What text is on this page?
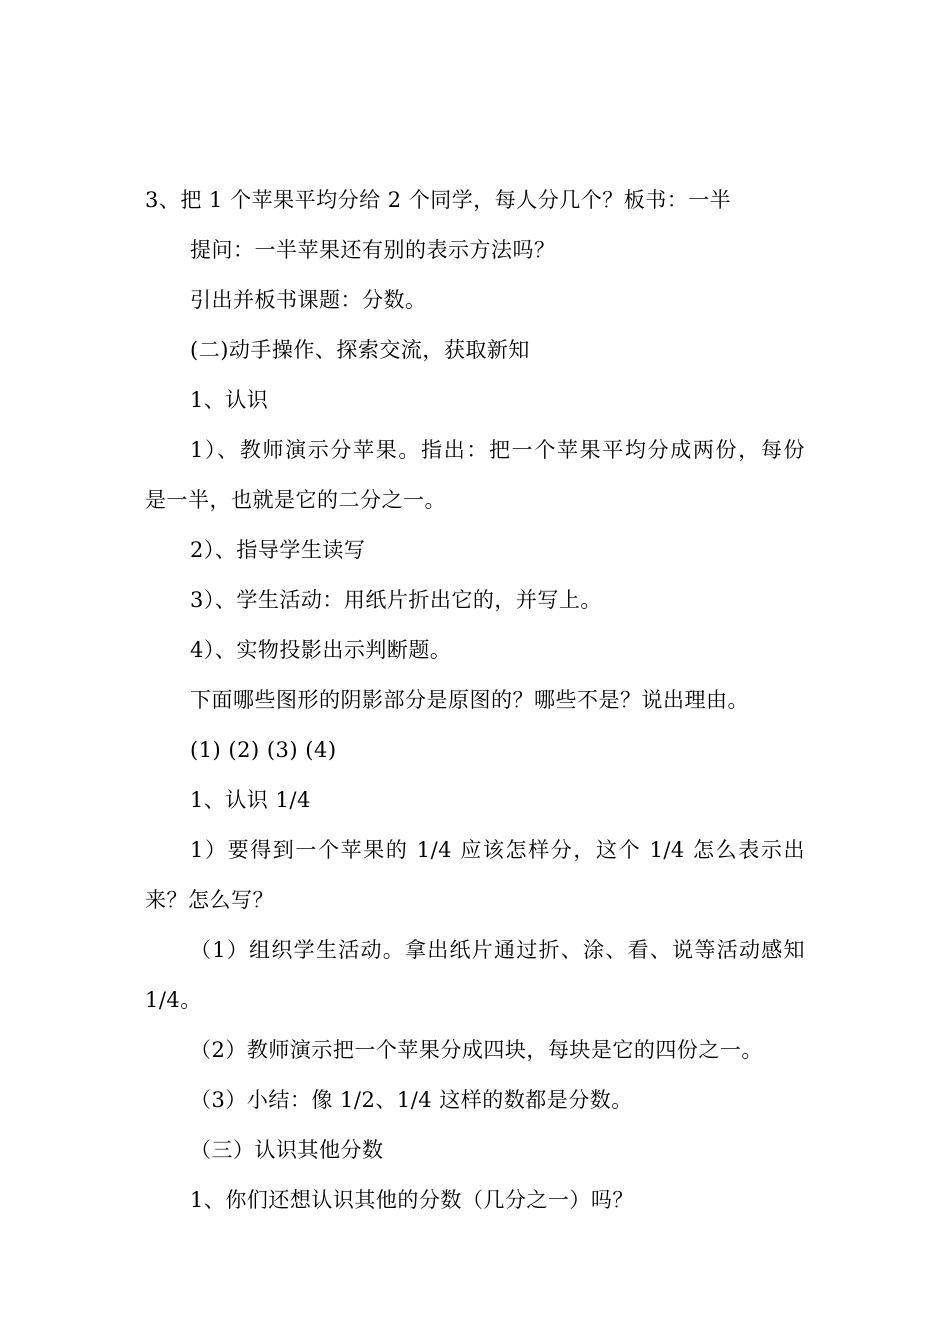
3、把 1 个苹果平均分给 2 个同学，每人分几个？板书：一半
提问：一半苹果还有别的表示方法吗？
引出并板书课题：分数。
(二)动手操作、探索交流，获取新知
1、认识
1）、教师演示分苹果。指出：把一个苹果平均分成两份，每份
是一半，也就是它的二分之一。
2）、指导学生读写
3）、学生活动：用纸片折出它的，并写上。
4）、实物投影出示判断题。
下面哪些图形的阴影部分是原图的？哪些不是？说出理由。
(1) (2) (3) (4)
1、认识 1/4
1）要得到一个苹果的 1/4 应该怎样分，这个 1/4 怎么表示出
来？怎么写？
（1）组织学生活动。拿出纸片通过折、涂、看、说等活动感知
1/4。
（2）教师演示把一个苹果分成四块，每块是它的四份之一。
（3）小结：像 1/2、1/4 这样的数都是分数。
（三）认识其他分数
1、你们还想认识其他的分数（几分之一）吗？
